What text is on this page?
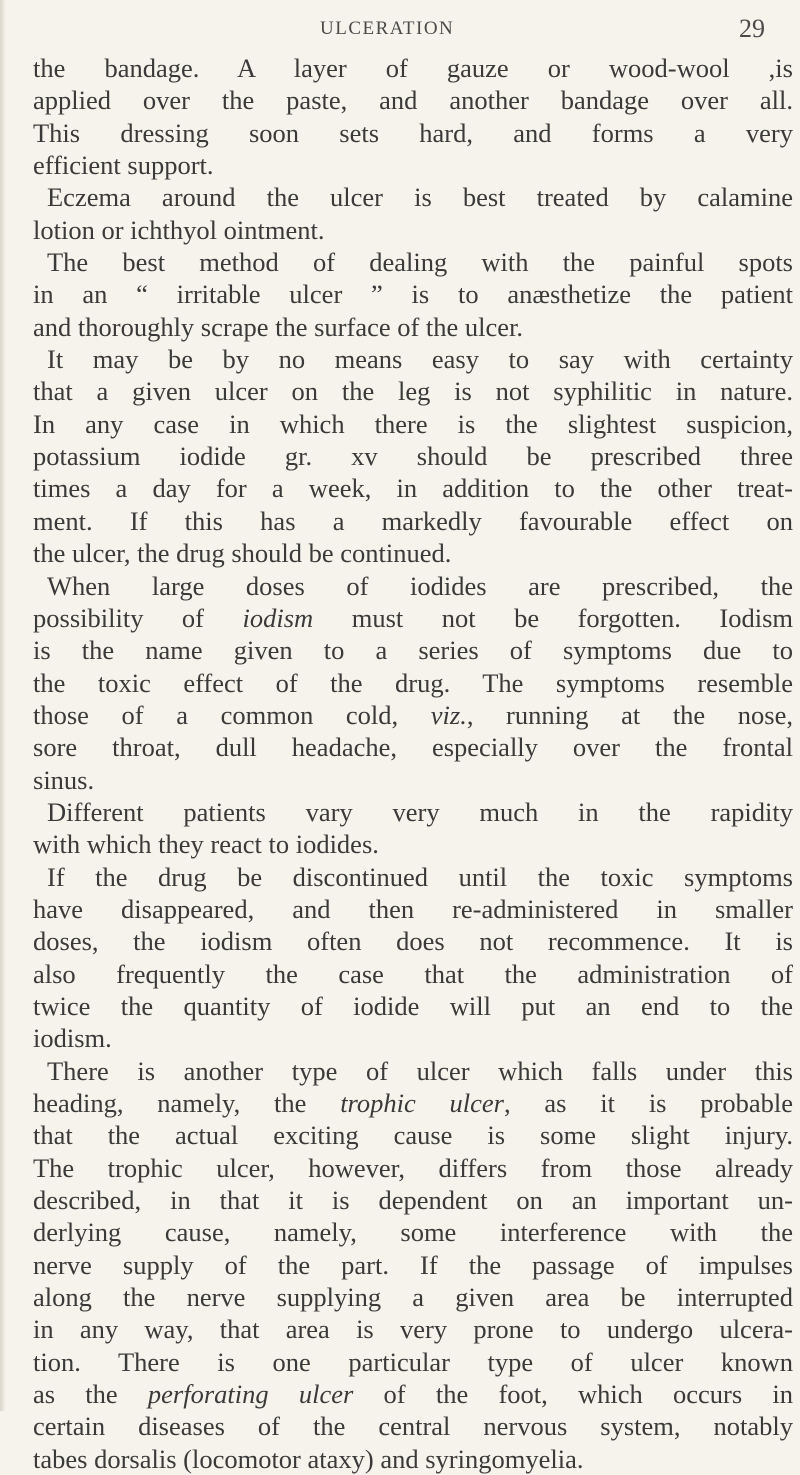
ULCERATION	29
the bandage. A layer of gauze or wood-wool ,is
applied over the paste, and another bandage over all.
This dressing soon sets hard, and forms a very
efficient support.
Eczema around the ulcer is best treated by calamine
lotion or ichthyol ointment.
The best method of dealing with the painful spots
in an “ irritable ulcer ” is to anæsthetize the patient
and thoroughly scrape the surface of the ulcer.
It may be by no means easy to say with certainty
that a given ulcer on the leg is not syphilitic in nature.
In any case in which there is the slightest suspicion,
potassium iodide gr. xv should be prescribed three
times a day for a week, in addition to the other treat-
ment. If this has a markedly favourable effect on
the ulcer, the drug should be continued.
When large doses of iodides are prescribed, the
possibility of iodism must not be forgotten. Iodism
is the name given to a series of symptoms due to
the toxic effect of the drug. The symptoms resemble
those of a common cold, viz., running at the nose,
sore throat, dull headache, especially over the frontal
sinus.
Different patients vary very much in the rapidity
with which they react to iodides.
If the drug be discontinued until the toxic symptoms
have disappeared, and then re-administered in smaller
doses, the iodism often does not recommence. It is
also frequently the case that the administration of
twice the quantity of iodide will put an end to the
iodism.
There is another type of ulcer which falls under this
heading, namely, the trophic ulcer, as it is probable
that the actual exciting cause is some slight injury.
The trophic ulcer, however, differs from those already
described, in that it is dependent on an important un-
derlying cause, namely, some interference with the
nerve supply of the part. If the passage of impulses
along the nerve supplying a given area be interrupted
in any way, that area is very prone to undergo ulcera-
tion. There is one particular type of ulcer known
as the perforating ulcer of the foot, which occurs in
certain diseases of the central nervous system, notably
tabes dorsalis (locomotor ataxy) and syringomyelia.
